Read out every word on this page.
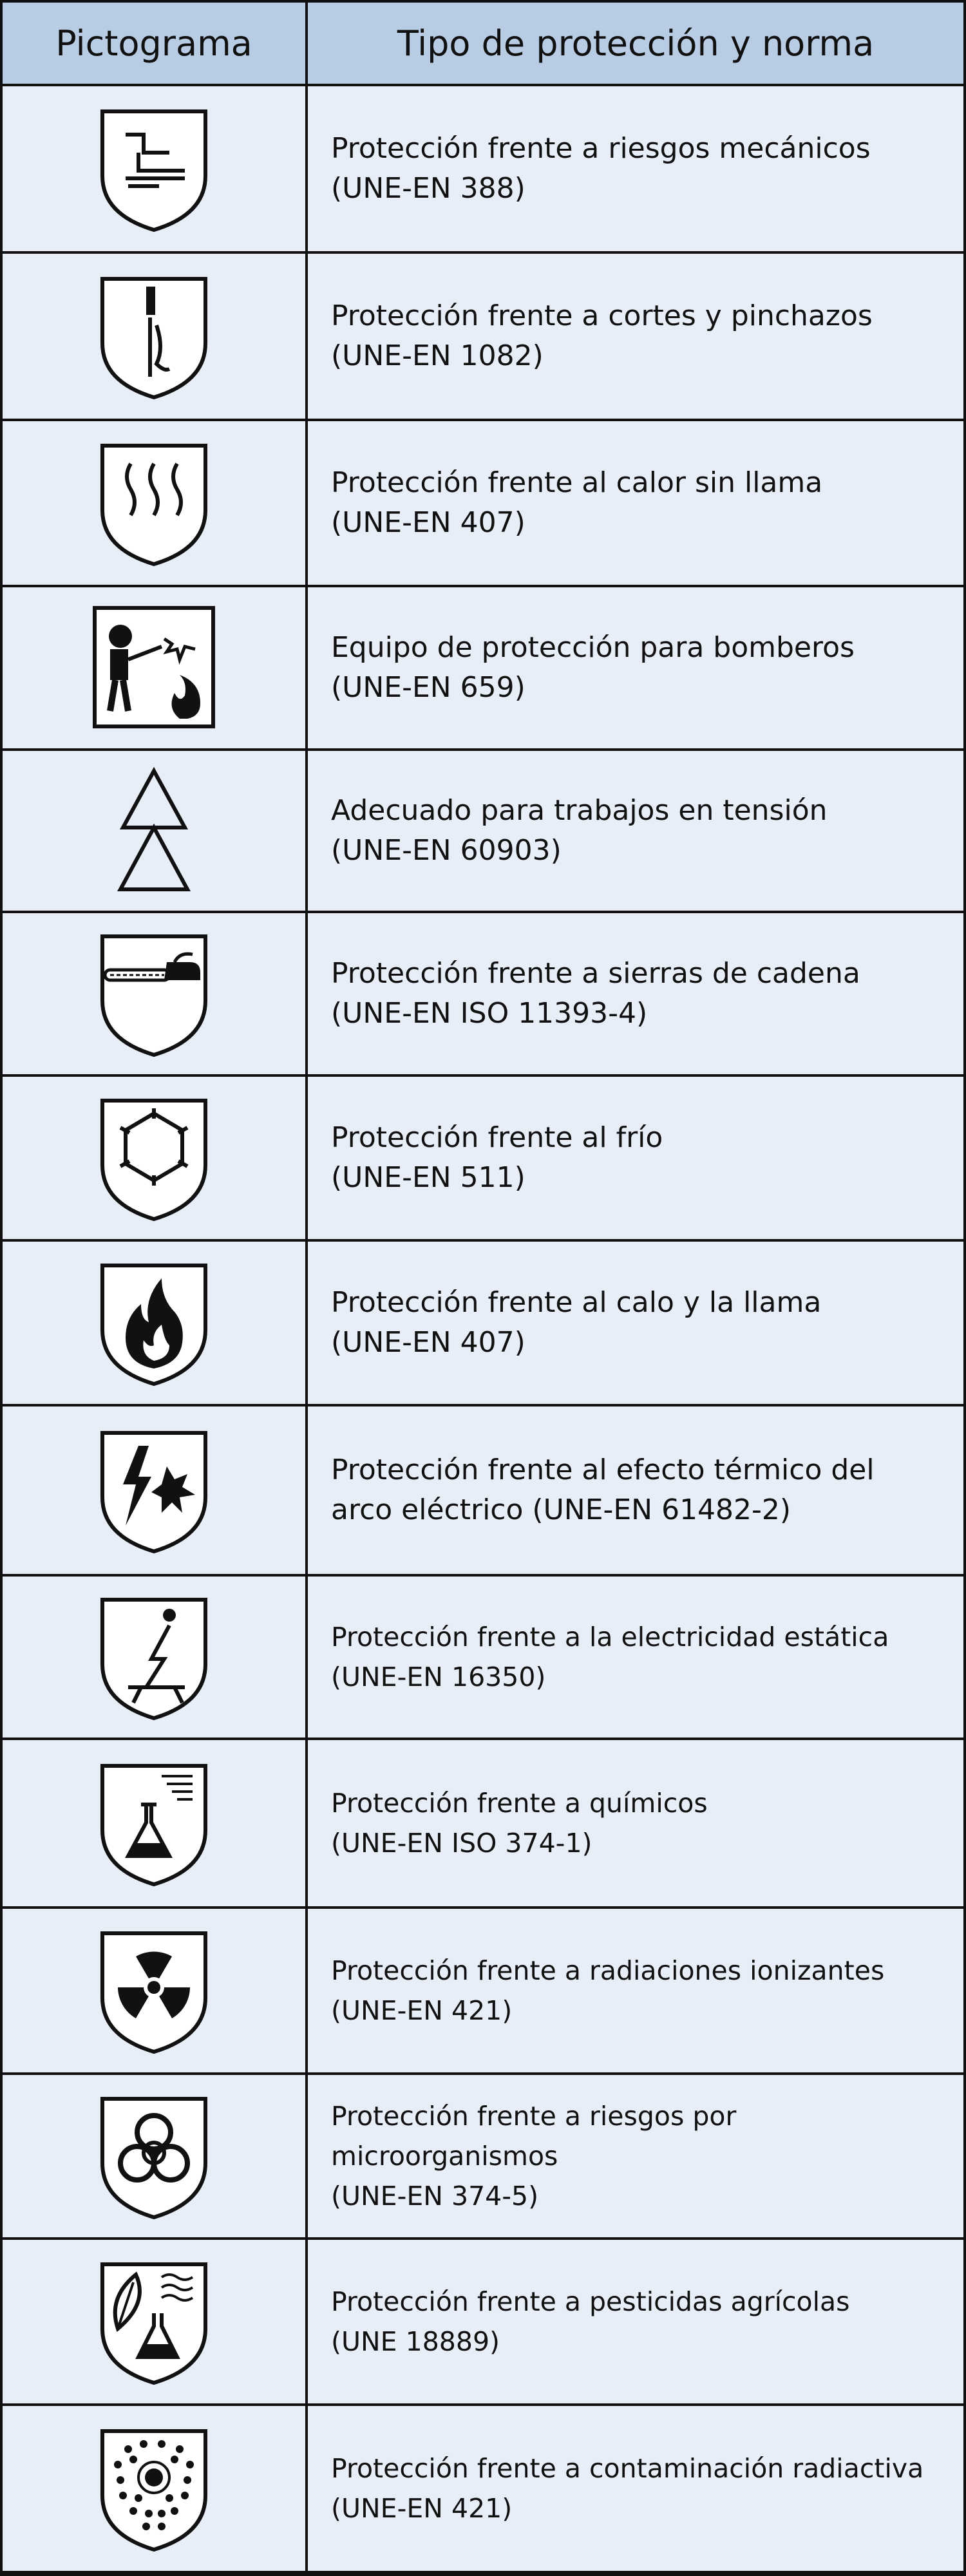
Pictograma	Tipo de protección y norma
Protección frente a riesgos mecánicos
(UNE-EN 388)
Protección frente a cortes y pinchazos
(UNE-EN 1082)
Protección frente al calor sin llama
(UNE-EN 407)
Equipo de protección para bomberos
(UNE-EN 659)
Adecuado para trabajos en tensión
(UNE-EN 60903)
Protección frente a sierras de cadena
(UNE-EN ISO 11393-4)
Protección frente al frío
(UNE-EN 511)
Protección frente al calo y la llama
(UNE-EN 407)
Protección frente al efecto térmico del
arco eléctrico (UNE-EN 61482-2)
Protección frente a la electricidad estática
(UNE-EN 16350)
Protección frente a químicos
(UNE-EN ISO 374-1)
Protección frente a radiaciones ionizantes
(UNE-EN 421)
Protección frente a riesgos por microorganismos
(UNE-EN 374-5)
Protección frente a pesticidas agrícolas
(UNE 18889)
Protección frente a contaminación radiactiva
(UNE-EN 421)
